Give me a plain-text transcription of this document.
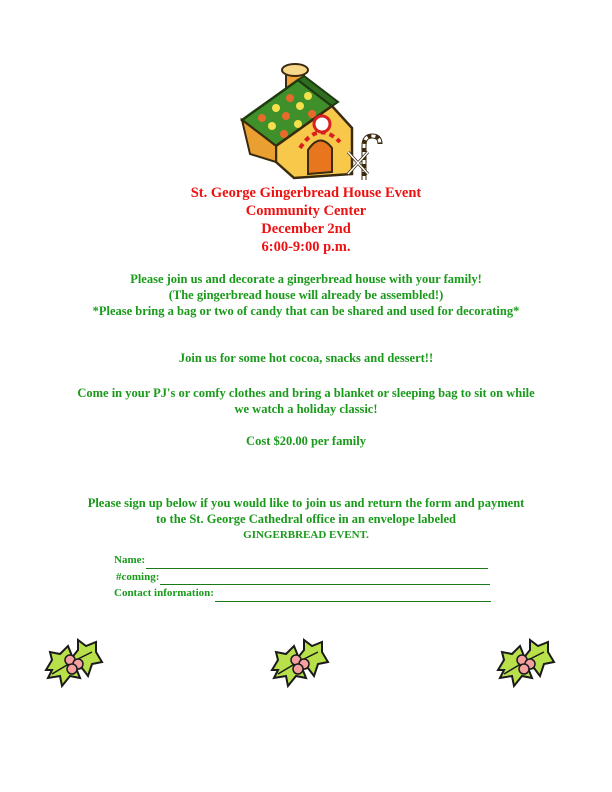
St. George Gingerbread House Event
Community Center
December 2nd
6:00-9:00 p.m.
Please join us and decorate a gingerbread house with your family!
(The gingerbread house will already be assembled!)
*Please bring a bag or two of candy that can be shared and used for decorating*
Join us for some hot cocoa, snacks and dessert!!
Come in your PJ's or comfy clothes and bring a blanket or sleeping bag to sit on while
we watch a holiday classic!
Cost $20.00 per family
Please sign up below if you would like to join us and return the form and payment
to the St. George Cathedral office in an envelope labeled
GINGERBREAD EVENT.
Name:
#coming:
Contact information:
